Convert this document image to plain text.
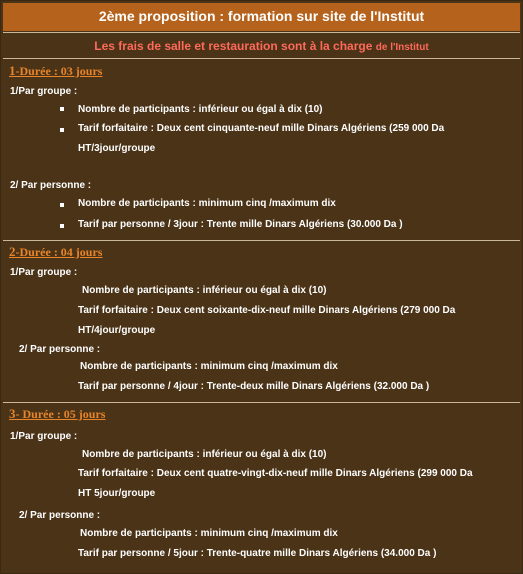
2ème proposition : formation sur site de l'Institut
Les frais de salle et restauration sont à la charge de l'Institut
1-Durée : 03 jours
1/Par groupe :
Nombre de participants : inférieur ou égal à dix (10)
Tarif forfaitaire : Deux cent cinquante-neuf mille Dinars Algériens (259 000 Da
HT/3jour/groupe
2/ Par personne :
Nombre de participants : minimum cinq /maximum dix
Tarif par personne / 3jour : Trente mille Dinars Algériens (30.000 Da )
2-Durée : 04 jours
1/Par groupe :
Nombre de participants : inférieur ou égal à dix (10)
Tarif forfaitaire : Deux cent soixante-dix-neuf mille Dinars Algériens (279 000 Da
HT/4jour/groupe
2/ Par personne :
Nombre de participants : minimum cinq /maximum dix
Tarif par personne / 4jour : Trente-deux mille Dinars Algériens (32.000 Da )
3- Durée : 05 jours
1/Par groupe :
Nombre de participants : inférieur ou égal à dix (10)
Tarif forfaitaire : Deux cent quatre-vingt-dix-neuf mille Dinars Algériens (299 000 Da
HT 5jour/groupe
2/ Par personne :
Nombre de participants : minimum cinq /maximum dix
Tarif par personne / 5jour : Trente-quatre mille Dinars Algériens (34.000 Da )
